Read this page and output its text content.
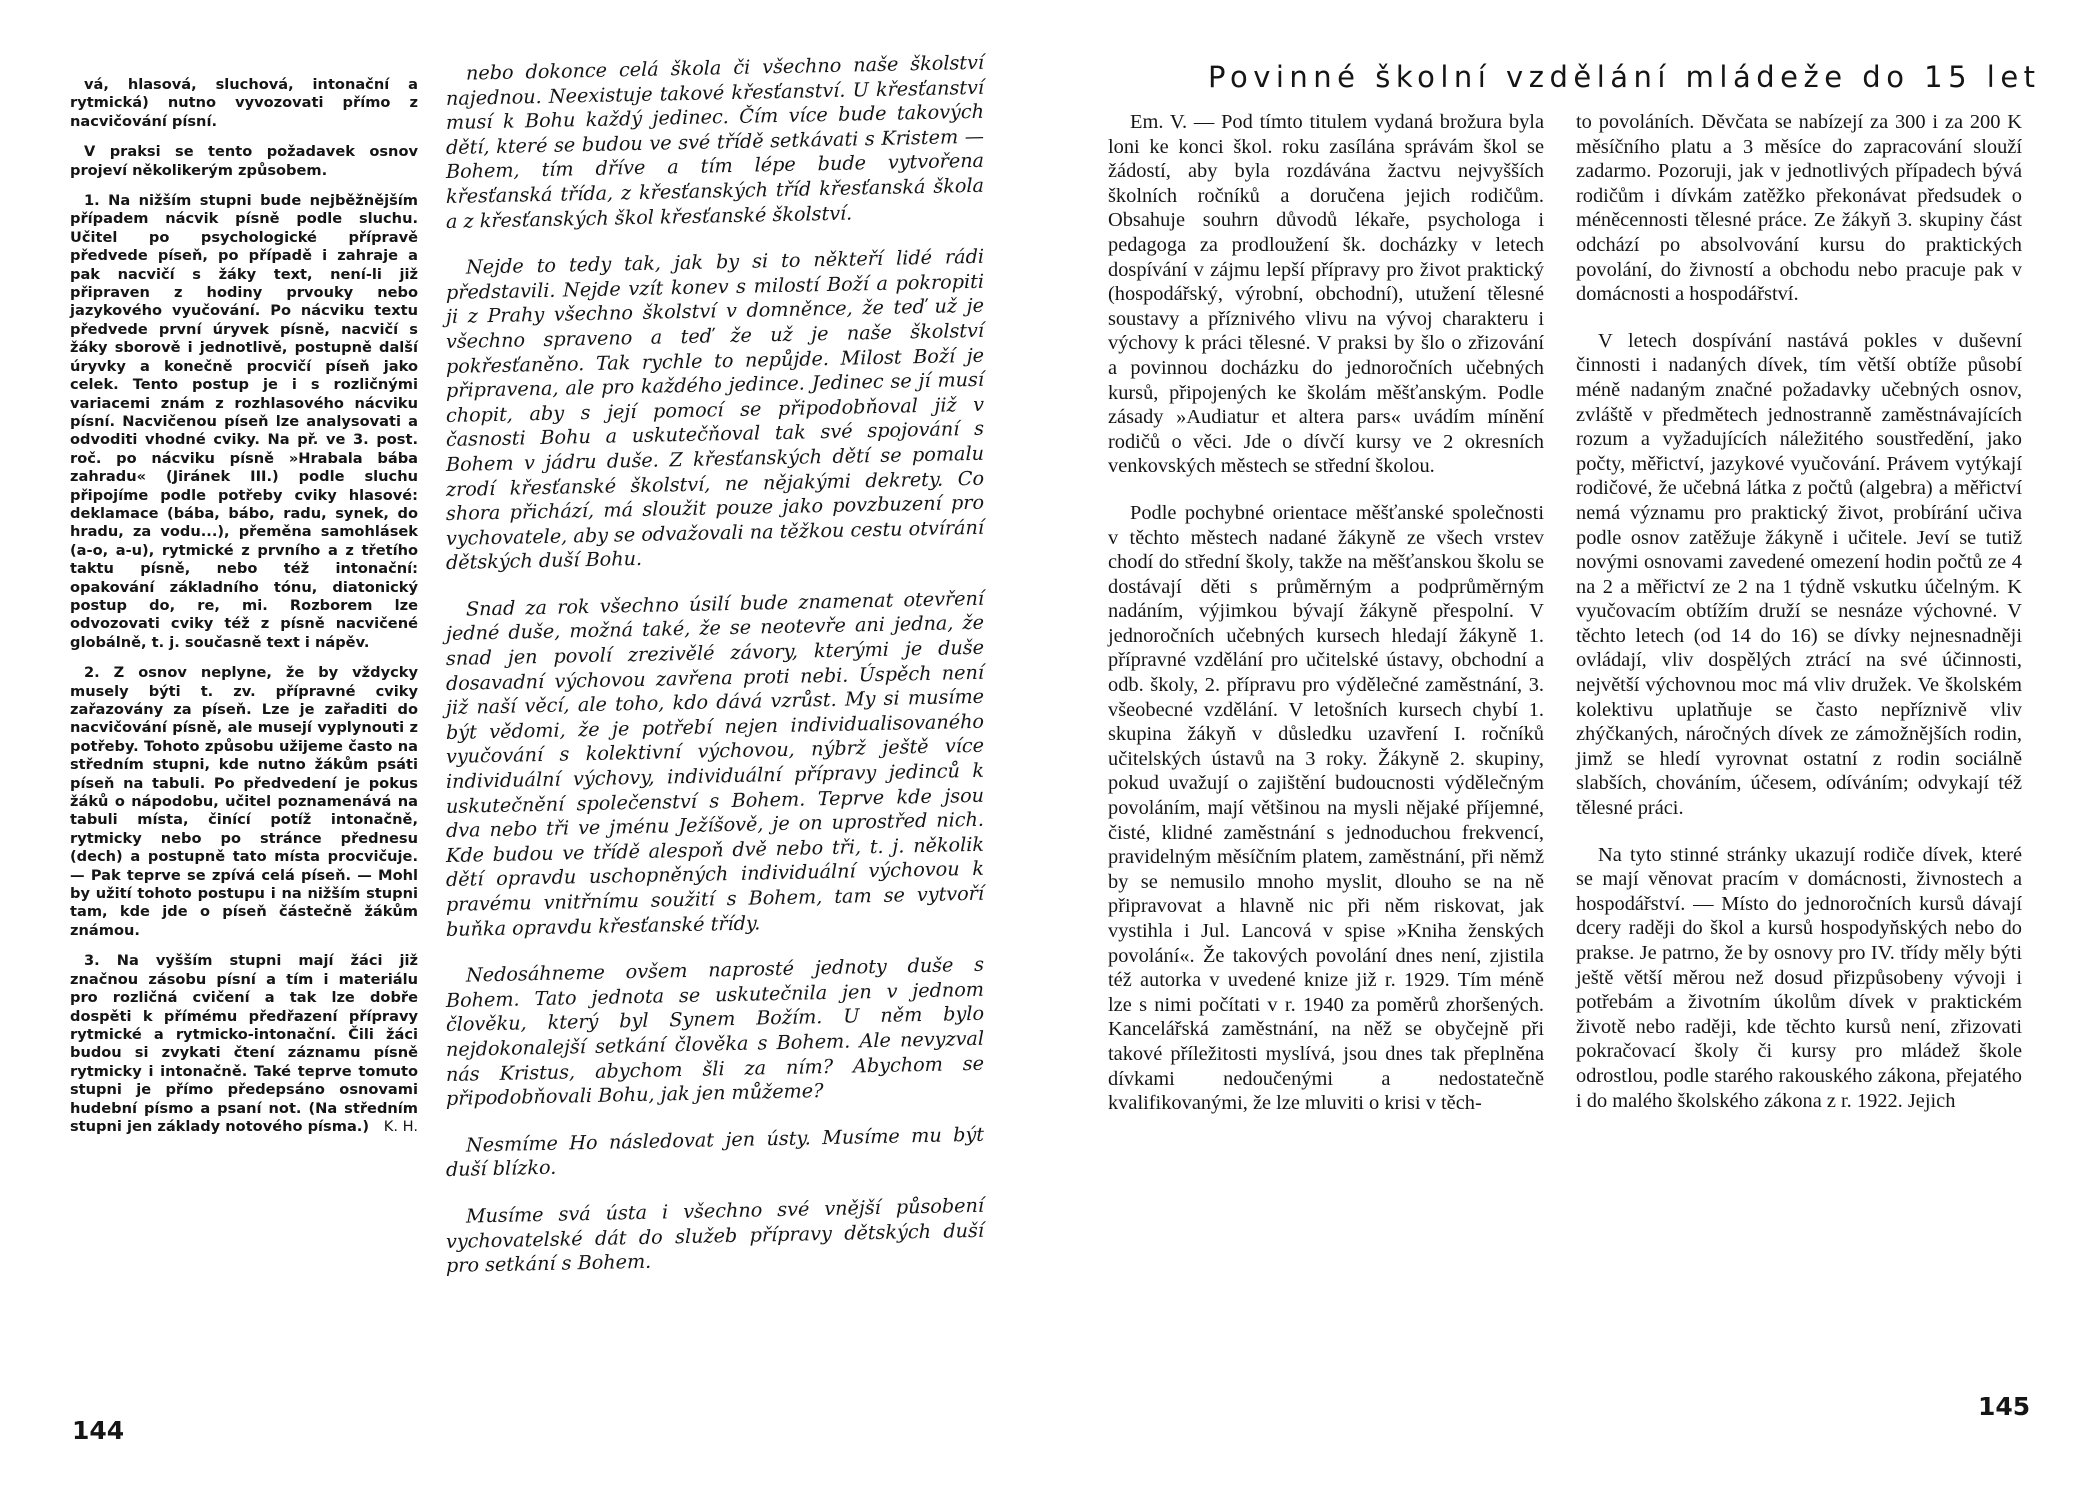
vá, hlasová, sluchová, intonační a rytmická) nutno vyvozovati přímo z nacvičování písní.

V praksi se tento požadavek osnov projeví několikerým způsobem.

1. Na nižším stupni bude nejběžnějším případem nácvik písně podle sluchu. Učitel po psychologické přípravě předvede píseň, po případě i zahraje a pak nacvičí s žáky text, není-li již připraven z hodiny prvouky nebo jazykového vyučování. Po nácviku textu předvede první úryvek písně, nacvičí s žáky sborově i jednotlivě, postupně další úryvky a konečně procvičí píseň jako celek. Tento postup je i s rozličnými variacemi znám z rozhlasového nácviku písní. Nacvičenou píseň lze analysovati a odvoditi vhodné cviky. Na př. ve 3. post. roč. po nácviku písně »Hrabala bába zahradu« (Jiránek III.) podle sluchu připojíme podle potřeby cviky hlasové: deklamace (bába, bábo, radu, synek, do hradu, za vodu...), přeměna samohlásek (a-o, a-u), rytmické z prvního a z třetího taktu písně, nebo též intonační: opakování základního tónu, diatonický postup do, re, mi. Rozborem lze odvozovati cviky též z písně nacvičené globálně, t. j. současně text i nápěv.

2. Z osnov neplyne, že by vždycky musely býti t. zv. přípravné cviky zařazovány za píseň. Lze je zařaditi do nacvičování písně, ale musejí vyplynouti z potřeby. Tohoto způsobu užijeme často na středním stupni, kde nutno žákům psáti píseň na tabuli. Po předvedení je pokus žáků o nápodobu, učitel poznamenává na tabuli místa, činící potíž intonačně, rytmicky nebo po stránce přednesu (dech) a postupně tato místa procvičuje. — Pak teprve se zpívá celá píseň. — Mohl by užití tohoto postupu i na nižším stupni tam, kde jde o píseň částečně žákům známou.

3. Na vyšším stupni mají žáci již značnou zásobu písní a tím i materiálu pro rozličná cvičení a tak lze dobře dospěti k přímému předřazení přípravy rytmické a rytmicko-intonační. Čili žáci budou si zvykati čtení záznamu písně rytmicky i intonačně. Také teprve tomuto stupni je přímo předepsáno osnovami hudební písmo a psaní not. (Na středním stupni jen základy notového písma.)	K. H.

nebo dokonce celá škola či všechno naše školství najednou. Neexistuje takové křesťanství. U křesťanství musí k Bohu každý jedinec. Čím více bude takových dětí, které se budou ve své třídě setkávati s Kristem — Bohem, tím dříve a tím lépe bude vytvořena křesťanská třída, z křesťanských tříd křesťanská škola a z křesťanských škol křesťanské školství.

Nejde to tedy tak, jak by si to někteří lidé rádi představili. Nejde vzít konev s milostí Boží a pokropiti ji z Prahy všechno školství v domněnce, že teď už je všechno spraveno a teď že už je naše školství pokřesťaněno. Tak rychle to nepůjde. Milost Boží je připravena, ale pro každého jedince. Jedinec se jí musí chopit, aby s její pomocí se připodobňoval již v časnosti Bohu a uskutečňoval tak své spojování s Bohem v jádru duše. Z křesťanských dětí se pomalu zrodí křesťanské školství, ne nějakými dekrety. Co shora přichází, má sloužit pouze jako povzbuzení pro vychovatele, aby se odvažovali na těžkou cestu otvírání dětských duší Bohu.

Snad za rok všechno úsilí bude znamenat otevření jedné duše, možná také, že se neotevře ani jedna, že snad jen povolí zrezivělé závory, kterými je duše dosavadní výchovou zavřena proti nebi. Úspěch není již naší věcí, ale toho, kdo dává vzrůst. My si musíme být vědomi, že je potřebí nejen individualisovaného vyučování s kolektivní výchovou, nýbrž ještě více individuální výchovy, individuální přípravy jedinců k uskutečnění společenství s Bohem. Teprve kde jsou dva nebo tři ve jménu Ježíšově, je on uprostřed nich. Kde budou ve třídě alespoň dvě nebo tři, t. j. několik dětí opravdu uschopněných individuální výchovou k pravému vnitřnímu soužití s Bohem, tam se vytvoří buňka opravdu křesťanské třídy.

Nedosáhneme ovšem naprosté jednoty duše s Bohem. Tato jednota se uskutečnila jen v jednom člověku, který byl Synem Božím. U něm bylo nejdokonalejší setkání člověka s Bohem. Ale nevyzval nás Kristus, abychom šli za ním? Abychom se připodobňovali Bohu, jak jen můžeme?

Nesmíme Ho následovat jen ústy. Musíme mu být duší blízko.

Musíme svá ústa i všechno své vnější působení vychovatelské dát do služeb přípravy dětských duší pro setkání s Bohem.

144
Povinné školní vzdělání mládeže do 15 let

Em. V. — Pod tímto titulem vydaná brožura byla loni ke konci škol. roku zasílána správám škol se žádostí, aby byla rozdávána žactvu nejvyšších školních ročníků a doručena jejich rodičům. Obsahuje souhrn důvodů lékaře, psychologa i pedagoga za prodloužení šk. docházky v letech dospívání v zájmu lepší přípravy pro život praktický (hospodářský, výrobní, obchodní), utužení tělesné soustavy a příznivého vlivu na vývoj charakteru i výchovy k práci tělesné. V praksi by šlo o zřizování a povinnou docházku do jednoročních učebných kursů, připojených ke školám měšťanským. Podle zásady »Audiatur et altera pars« uvádím mínění rodičů o věci. Jde o dívčí kursy ve 2 okresních venkovských městech se střední školou.

Podle pochybné orientace měšťanské společnosti v těchto městech nadané žákyně ze všech vrstev chodí do střední školy, takže na měšťanskou školu se dostávají děti s průměrným a podprůměrným nadáním, výjimkou bývají žákyně přespolní. V jednoročních učebných kursech hledají žákyně 1. přípravné vzdělání pro učitelské ústavy, obchodní a odb. školy, 2. přípravu pro výdělečné zaměstnání, 3. všeobecné vzdělání. V letošních kursech chybí 1. skupina žákyň v důsledku uzavření I. ročníků učitelských ústavů na 3 roky. Žákyně 2. skupiny, pokud uvažují o zajištění budoucnosti výdělečným povoláním, mají většinou na mysli nějaké příjemné, čisté, klidné zaměstnání s jednoduchou frekvencí, pravidelným měsíčním platem, zaměstnání, při němž by se nemusilo mnoho myslit, dlouho se na ně připravovat a hlavně nic při něm riskovat, jak vystihla i Jul. Lancová v spise »Kniha ženských povolání«. Že takových povolání dnes není, zjistila též autorka v uvedené knize již r. 1929. Tím méně lze s nimi počítati v r. 1940 za poměrů zhoršených. Kancelářská zaměstnání, na něž se obyčejně při takové příležitosti myslívá, jsou dnes tak přeplněna dívkami nedoučenými a nedostatečně kvalifikovanými, že lze mluviti o krisi v těch-

to povoláních. Děvčata se nabízejí za 300 i za 200 K měsíčního platu a 3 měsíce do zapracování slouží zadarmo. Pozoruji, jak v jednotlivých případech bývá rodičům i dívkám zatěžko překonávat předsudek o méněcennosti tělesné práce. Ze žákyň 3. skupiny část odchází po absolvování kursu do praktických povolání, do živností a obchodu nebo pracuje pak v domácnosti a hospodářství.

V letech dospívání nastává pokles v duševní činnosti i nadaných dívek, tím větší obtíže působí méně nadaným značné požadavky učebných osnov, zvláště v předmětech jednostranně zaměstnávajících rozum a vyžadujících náležitého soustředění, jako počty, měřictví, jazykové vyučování. Právem vytýkají rodičové, že učebná látka z počtů (algebra) a měřictví nemá významu pro praktický život, probírání učiva podle osnov zatěžuje žákyně i učitele. Jeví se tutiž novými osnovami zavedené omezení hodin počtů ze 4 na 2 a měřictví ze 2 na 1 týdně vskutku účelným. K vyučovacím obtížím druží se nesnáze výchovné. V těchto letech (od 14 do 16) se dívky nejnesnadněji ovládají, vliv dospělých ztrácí na své účinnosti, největší výchovnou moc má vliv družek. Ve školském kolektivu uplatňuje se často nepříznivě vliv zhýčkaných, náročných dívek ze zámožnějších rodin, jimž se hledí vyrovnat ostatní z rodin sociálně slabších, chováním, účesem, odíváním; odvykají též tělesné práci.

Na tyto stinné stránky ukazují rodiče dívek, které se mají věnovat pracím v domácnosti, živnostech a hospodářství. — Místo do jednoročních kursů dávají dcery raději do škol a kursů hospodyňských nebo do prakse. Je patrno, že by osnovy pro IV. třídy měly býti ještě větší měrou než dosud přizpůsobeny vývoji i potřebám a životním úkolům dívek v praktickém životě nebo raději, kde těchto kursů není, zřizovati pokračovací školy či kursy pro mládež škole odrostlou, podle starého rakouského zákona, přejatého i do malého školského zákona z r. 1922. Jejich

145
